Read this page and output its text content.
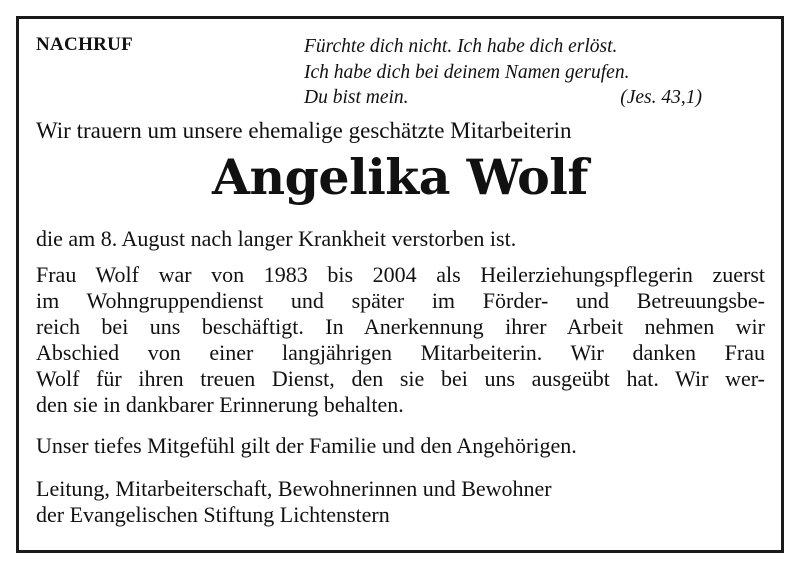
NACHRUF	Fürchte dich nicht. Ich habe dich erlöst.
Ich habe dich bei deinem Namen gerufen.
Du bist mein.	(Jes. 43,1)
Wir trauern um unsere ehemalige geschätzte Mitarbeiterin
Angelika Wolf
die am 8. August nach langer Krankheit verstorben ist.
Frau Wolf war von 1983 bis 2004 als Heilerziehungspflegerin zuerst
im Wohngruppendienst und später im Förder- und Betreuungsbe-
reich bei uns beschäftigt. In Anerkennung ihrer Arbeit nehmen wir
Abschied von einer langjährigen Mitarbeiterin. Wir danken Frau
Wolf für ihren treuen Dienst, den sie bei uns ausgeübt hat. Wir wer-
den sie in dankbarer Erinnerung behalten.
Unser tiefes Mitgefühl gilt der Familie und den Angehörigen.
Leitung, Mitarbeiterschaft, Bewohnerinnen und Bewohner
der Evangelischen Stiftung Lichtenstern
